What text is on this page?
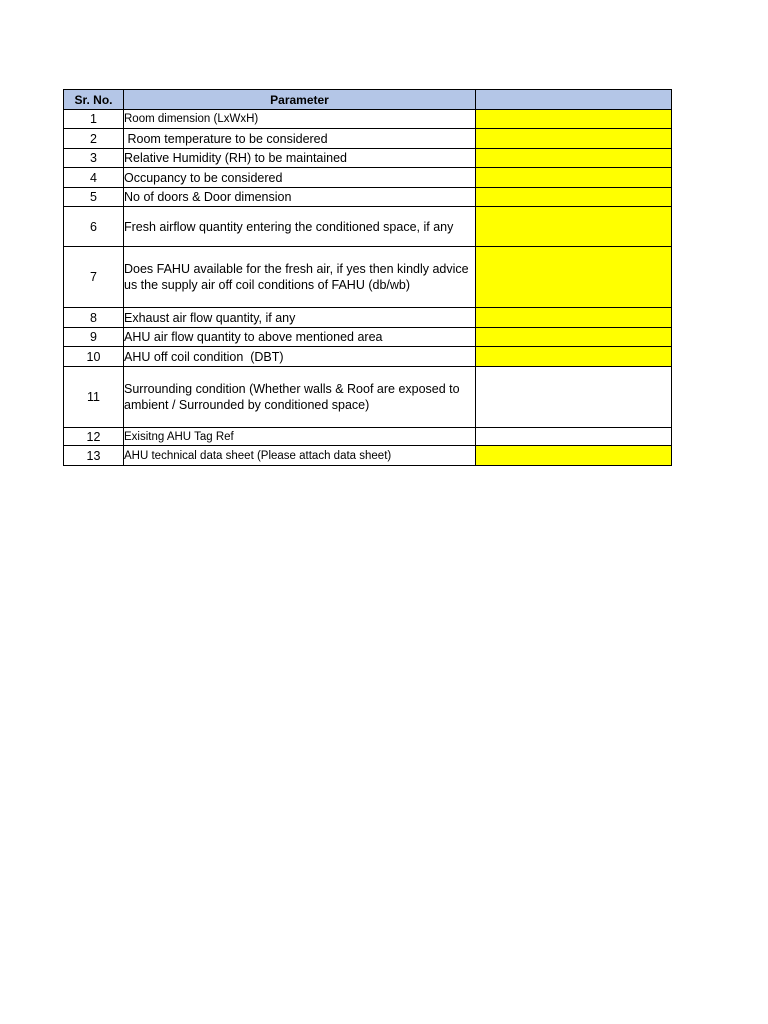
Sr. No.	Parameter	
1	Room dimension (LxWxH)	
2	Room temperature to be considered	
3	Relative Humidity (RH) to be maintained	
4	Occupancy to be considered	
5	No of doors & Door dimension	
6	Fresh airflow quantity entering the conditioned space, if any	
7	Does FAHU available for the fresh air, if yes then kindly advice us the supply air off coil conditions of FAHU (db/wb)	
8	Exhaust air flow quantity, if any	
9	AHU air flow quantity to above mentioned area	
10	AHU off coil condition  (DBT)	
11	Surrounding condition (Whether walls & Roof are exposed to ambient / Surrounded by conditioned space)	
12	Exisitng AHU Tag Ref	
13	AHU technical data sheet (Please attach data sheet)	
